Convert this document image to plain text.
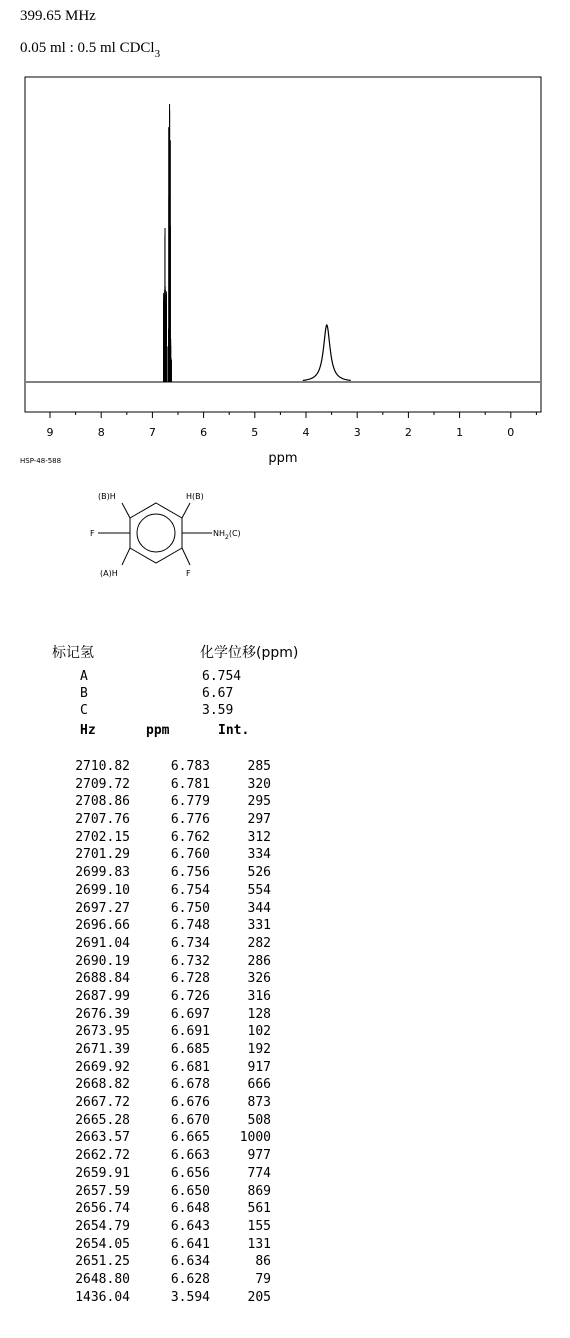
399.65 MHz
0.05 ml : 0.5 ml CDCl$_3$
9	8	7	6	5	4	3	2	1	0
ppm
HSP-48-588
(B)H	H(B)
F	$NH_2(C)$
(A)H	F
标记氢	化学位移(ppm)
A	6.754
B	6.67
C	3.59
Hz	ppm	Int.
2710.82	6.783	285
2709.72	6.781	320
2708.86	6.779	295
2707.76	6.776	297
2702.15	6.762	312
2701.29	6.760	334
2699.83	6.756	526
2699.10	6.754	554
2697.27	6.750	344
2696.66	6.748	331
2691.04	6.734	282
2690.19	6.732	286
2688.84	6.728	326
2687.99	6.726	316
2676.39	6.697	128
2673.95	6.691	102
2671.39	6.685	192
2669.92	6.681	917
2668.82	6.678	666
2667.72	6.676	873
2665.28	6.670	508
2663.57	6.665	1000
2662.72	6.663	977
2659.91	6.656	774
2657.59	6.650	869
2656.74	6.648	561
2654.79	6.643	155
2654.05	6.641	131
2651.25	6.634	86
2648.80	6.628	79
1436.04	3.594	205
